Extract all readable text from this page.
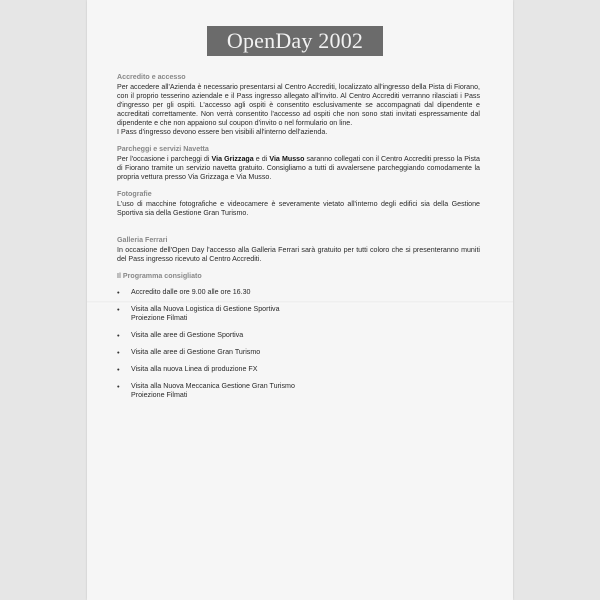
OpenDay 2002

Accredito e accesso

Per accedere all'Azienda è necessario presentarsi al Centro Accrediti, localizzato all'ingresso della Pista di Fiorano, con il proprio tesserino aziendale e il Pass ingresso allegato all'invito. Al Centro Accrediti verranno rilasciati i Pass d'ingresso per gli ospiti. L'accesso agli ospiti è consentito esclusivamente se accompagnati dal dipendente e accreditati correttamente. Non verrà consentito l'accesso ad ospiti che non sono stati invitati espressamente dal dipendente e che non appaiono sul coupon d'invito o nel formulario on line.

I Pass d'ingresso devono essere ben visibili all'interno dell'azienda.

Parcheggi e servizi Navetta

Per l'occasione i parcheggi di Via Grizzaga e di Via Musso saranno collegati con il Centro Accrediti presso la Pista di Fiorano tramite un servizio navetta gratuito. Consigliamo a tutti di avvalersene parcheggiando comodamente la propria vettura presso Via Grizzaga e Via Musso.

Fotografie

L'uso di macchine fotografiche e videocamere è severamente vietato all'interno degli edifici sia della Gestione Sportiva sia della Gestione Gran Turismo.

Galleria Ferrari

In occasione dell'Open Day l'accesso alla Galleria Ferrari sarà gratuito per tutti coloro che si presenteranno muniti del Pass ingresso ricevuto al Centro Accrediti.

Il Programma consigliato

• Accredito dalle ore 9.00 alle ore 16.30
• Visita alla Nuova Logistica di Gestione Sportiva
Proiezione Filmati
• Visita alle aree di Gestione Sportiva
• Visita alle aree di Gestione Gran Turismo
• Visita alla nuova Linea di produzione FX
• Visita alla Nuova Meccanica Gestione Gran Turismo
Proiezione Filmati
